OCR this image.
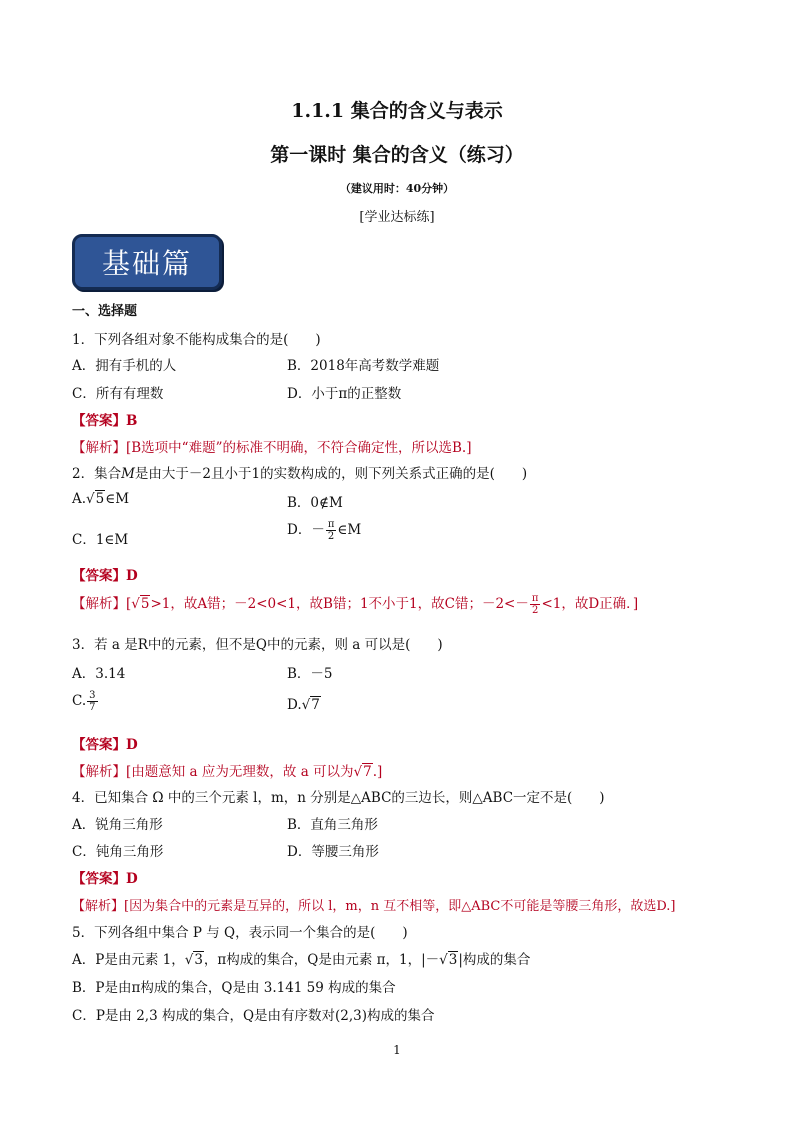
1.1.1 集合的含义与表示
第一课时 集合的含义（练习）
（建议用时：40分钟）
[学业达标练]
基础篇
一、选择题
1．下列各组对象不能构成集合的是(　　)
A．拥有手机的人	B．2018年高考数学难题
C．所有有理数	D．小于π的正整数
【答案】B
【解析】[B选项中“难题”的标准不明确，不符合确定性，所以选B.]
2．集合M是由大于－2且小于1的实数构成的，则下列关系式正确的是(　　)
A.√5∈M	B．0∉M
C．1∈M
D．－ $\frac{\pi}{2}$ ∈M
【答案】D
【解析】[√5>1，故A错；－2<0<1，故B错；1不小于1，故C错；$-2<- \frac{\pi}{2} <1$，故D正确．]
3．若 a 是R中的元素，但不是Q中的元素，则 a 可以是(　　)
A．3.14	B．－5
C. $\frac{3}{7}$	D.√7
【答案】D
【解析】[由题意知 a 应为无理数，故 a 可以为√7.]
4．已知集合 Ω 中的三个元素 l，m，n 分别是△ABC的三边长，则△ABC一定不是(　　)
A．锐角三角形	B．直角三角形
C．钝角三角形	D．等腰三角形
【答案】D
【解析】[因为集合中的元素是互异的，所以 l，m，n 互不相等，即△ABC不可能是等腰三角形，故选D.]
5．下列各组中集合 P 与 Q，表示同一个集合的是(　　)
A．P是由元素 1，√3，π构成的集合，Q是由元素 π，1，|－√3|构成的集合
B．P是由π构成的集合，Q是由 3.141 59 构成的集合
C．P是由 2,3 构成的集合，Q是由有序数对(2,3)构成的集合
1
